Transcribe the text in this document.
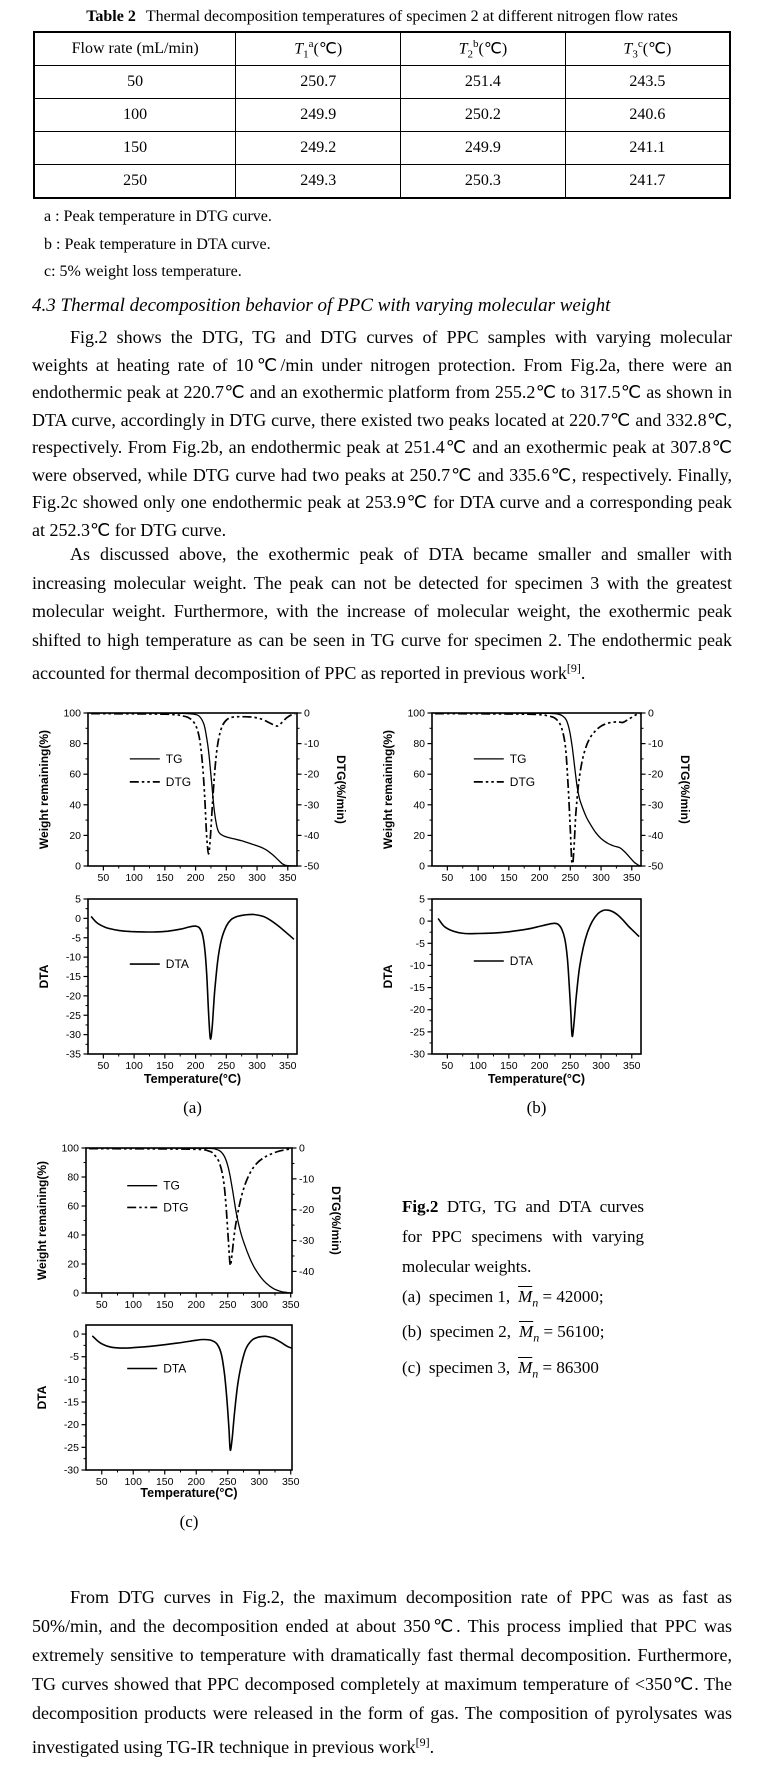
Table 2 Thermal decomposition temperatures of specimen 2 at different nitrogen flow rates
Flow rate (mL/min)	$T_1^a(℃)$	$T_2^b(℃)$	$T_3^c(℃)$
50	250.7	251.4	243.5
100	249.9	250.2	240.6
150	249.2	249.9	241.1
250	249.3	250.3	241.7
a : Peak temperature in DTG curve.
b : Peak temperature in DTA curve.
c: 5% weight loss temperature.
4.3 Thermal decomposition behavior of PPC with varying molecular weight

Fig.2 shows the DTG, TG and DTG curves of PPC samples with varying molecular weights at heating rate of 10℃/min under nitrogen protection. From Fig.2a, there were an endothermic peak at 220.7℃ and an exothermic platform from 255.2℃ to 317.5℃ as shown in DTA curve, accordingly in DTG curve, there existed two peaks located at 220.7℃ and 332.8℃, respectively. From Fig.2b, an endothermic peak at 251.4℃ and an exothermic peak at 307.8℃ were observed, while DTG curve had two peaks at 250.7℃ and 335.6℃, respectively. Finally, Fig.2c showed only one endothermic peak at 253.9℃ for DTA curve and a corresponding peak at 252.3℃ for DTG curve.

As discussed above, the exothermic peak of DTA became smaller and smaller with increasing molecular weight. The peak can not be detected for specimen 3 with the greatest molecular weight. Furthermore, with the increase of molecular weight, the exothermic peak shifted to high temperature as can be seen in TG curve for specimen 2. The endothermic peak accounted for thermal decomposition of PPC as reported in previous work[9].

50 100 150 200 250 300 350
100
80
60
40
20
0
Weight remaining(%)
0
-10
-20
-30
-40
-50
DTG(%/min)
TG
DTG
50 100 150 200 250 300 350
5
0
-5
-10
-15
-20
-25
-30
-35
DTA
DTA
Temperature(°C)
(a)
50 100 150 200 250 300 350
100
80
60
40
20
0
Weight remaining(%)
0
-10
-20
-30
-40
-50
DTG(%/min)
TG
DTG
50 100 150 200 250 300 350
5
0
-5
-10
-15
-20
-25
-30
DTA
DTA
Temperature(°C)
(b)
50 100 150 200 250 300 350
100
80
60
40
20
0
Weight remaining(%)
0
-10
-20
-30
-40
DTG(%/min)
TG
DTG
50 100 150 200 250 300 350
0
-5
-10
-15
-20
-25
-30
DTA
DTA
Temperature(°C)
(c)
Fig.2 DTG, TG and DTA curves for PPC specimens with varying molecular weights.
(a) specimen 1, $\overline{M}_n = 42000$;
(b) specimen 2, $\overline{M}_n = 56100$;
(c) specimen 3, $\overline{M}_n = 86300$

From DTG curves in Fig.2, the maximum decomposition rate of PPC was as fast as 50%/min, and the decomposition ended at about 350℃. This process implied that PPC was extremely sensitive to temperature with dramatically fast thermal decomposition. Furthermore, TG curves showed that PPC decomposed completely at maximum temperature of <350℃. The decomposition products were released in the form of gas. The composition of pyrolysates was investigated using TG-IR technique in previous work[9].
